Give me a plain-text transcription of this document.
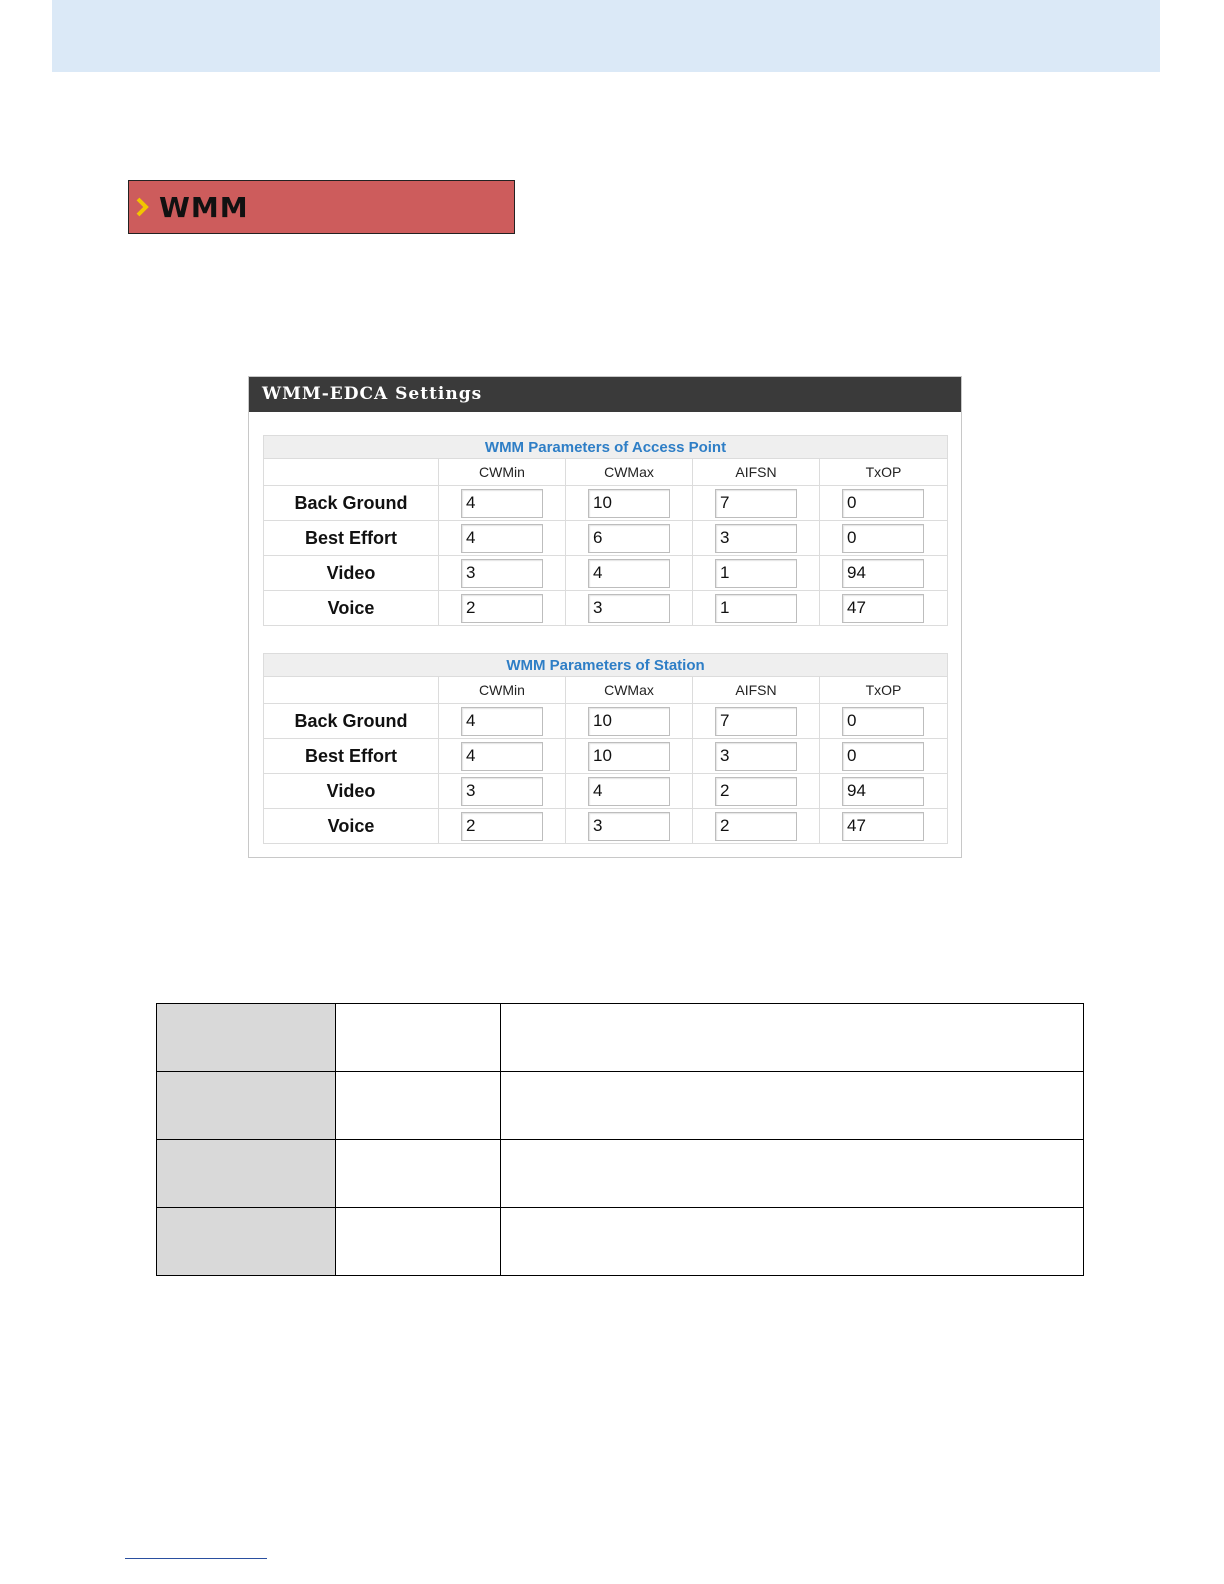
WMM
WMM-EDCA Settings
WMM Parameters of Access Point				
	CWMin	CWMax	AIFSN	TxOP
Back Ground	4	10	7	0
Best Effort	4	6	3	0
Video	3	4	1	94
Voice	2	3	1	47
WMM Parameters of Station				
	CWMin	CWMax	AIFSN	TxOP
Back Ground	4	10	7	0
Best Effort	4	10	3	0
Video	3	4	2	94
Voice	2	3	2	47
